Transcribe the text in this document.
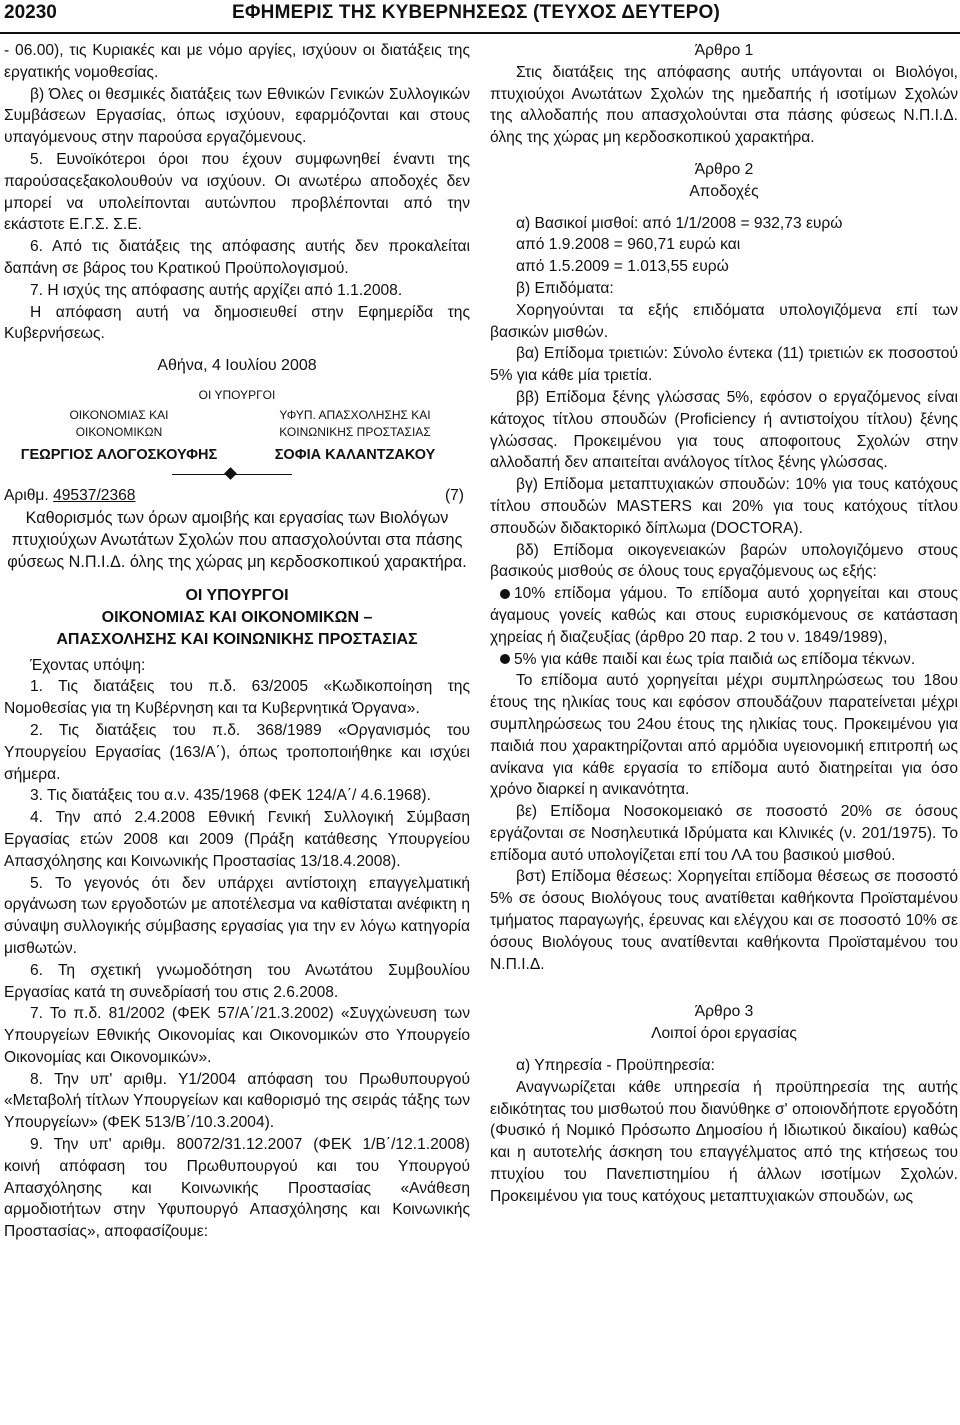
20230	ΕΦΗΜΕΡΙΣ ΤΗΣ ΚΥΒΕΡΝΗΣΕΩΣ (ΤΕΥΧΟΣ ΔΕΥΤΕΡΟ)

- 06.00), τις Κυριακές και με νόμο αργίες, ισχύουν οι διατάξεις της εργατικής νομοθεσίας.

β) Όλες οι θεσμικές διατάξεις των Εθνικών Γενικών Συλλογικών Συμβάσεων Εργασίας, όπως ισχύουν, εφαρμόζονται και στους υπαγόμενους στην παρούσα εργαζόμενους.

5. Ευνοϊκότεροι όροι που έχουν συμφωνηθεί έναντι της παρούσαςεξακολουθούν να ισχύουν. Οι ανωτέρω αποδοχές δεν μπορεί να υπολείπονται αυτώνπου προβλέπονται από την εκάστοτε Ε.Γ.Σ. Σ.Ε.

6. Από τις διατάξεις της απόφασης αυτής δεν προκαλείται δαπάνη σε βάρος του Κρατικού Προϋπολογισμού.

7. Η ισχύς της απόφασης αυτής αρχίζει από 1.1.2008.

Η απόφαση αυτή να δημοσιευθεί στην Εφημερίδα της Κυβερνήσεως.

Αθήνα, 4 Ιουλίου 2008
ΟΙ ΥΠΟΥΡΓΟΙ
ΟΙΚΟΝΟΜΙΑΣ ΚΑΙ
ΟΙΚΟΝΟΜΙΚΩΝ
ΓΕΩΡΓΙΟΣ ΑΛΟΓΟΣΚΟΥΦΗΣ
ΥΦΥΠ. ΑΠΑΣΧΟΛΗΣΗΣ ΚΑΙ
ΚΟΙΝΩΝΙΚΗΣ ΠΡΟΣΤΑΣΙΑΣ
ΣΟΦΙΑ ΚΑΛΑΝΤΖΑΚΟΥ
Αριθμ. 49537/2368	(7)

Καθορισμός των όρων αμοιβής και εργασίας των Βιολόγων πτυχιούχων Ανωτάτων Σχολών που απασχολούνται στα πάσης φύσεως Ν.Π.Ι.Δ. όλης της χώρας μη κερδοσκοπικού χαρακτήρα.

ΟΙ ΥΠΟΥΡΓΟΙ

ΟΙΚΟΝΟΜΙΑΣ ΚΑΙ ΟΙΚΟΝΟΜΙΚΩΝ –

ΑΠΑΣΧΟΛΗΣΗΣ ΚΑΙ ΚΟΙΝΩΝΙΚΗΣ ΠΡΟΣΤΑΣΙΑΣ

Έχοντας υπόψη:

1. Τις διατάξεις του π.δ. 63/2005 «Κωδικοποίηση της Νομοθεσίας για τη Κυβέρνηση και τα Κυβερνητικά Όργανα».

2. Τις διατάξεις του π.δ. 368/1989 «Οργανισμός του Υπουργείου Εργασίας (163/Α΄), όπως τροποποιήθηκε και ισχύει σήμερα.

3. Τις διατάξεις του α.ν. 435/1968 (ΦΕΚ 124/Α΄/ 4.6.1968).

4. Την από 2.4.2008 Εθνική Γενική Συλλογική Σύμβαση Εργασίας ετών 2008 και 2009 (Πράξη κατάθεσης Υπουργείου Απασχόλησης και Κοινωνικής Προστασίας 13/18.4.2008).

5. Το γεγονός ότι δεν υπάρχει αντίστοιχη επαγγελματική οργάνωση των εργοδοτών με αποτέλεσμα να καθίσταται ανέφικτη η σύναψη συλλογικής σύμβασης εργασίας για την εν λόγω κατηγορία μισθωτών.

6. Τη σχετική γνωμοδότηση του Ανωτάτου Συμβουλίου Εργασίας κατά τη συνεδρίασή του στις 2.6.2008.

7. Το π.δ. 81/2002 (ΦΕΚ 57/Α΄/21.3.2002) «Συγχώνευση των Υπουργείων Εθνικής Οικονομίας και Οικονομικών στο Υπουργείο Οικονομίας και Οικονομικών».

8. Την υπ' αριθμ. Υ1/2004 απόφαση του Πρωθυπουργού «Μεταβολή τίτλων Υπουργείων και καθορισμό της σειράς τάξης των Υπουργείων» (ΦΕΚ 513/Β΄/10.3.2004).

9. Την υπ' αριθμ. 80072/31.12.2007 (ΦΕΚ 1/Β΄/12.1.2008) κοινή απόφαση του Πρωθυπουργού και του Υπουργού Απασχόλησης και Κοινωνικής Προστασίας «Ανάθεση αρμοδιοτήτων στην Υφυπουργό Απασχόλησης και Κοινωνικής Προστασίας», αποφασίζουμε:

Άρθρο 1

Στις διατάξεις της απόφασης αυτής υπάγονται οι Βιολόγοι, πτυχιούχοι Ανωτάτων Σχολών της ημεδαπής ή ισοτίμων Σχολών της αλλοδαπής που απασχολούνται στα πάσης φύσεως Ν.Π.Ι.Δ. όλης της χώρας μη κερδοσκοπικού χαρακτήρα.

Άρθρο 2

Αποδοχές

α) Βασικοί μισθοί: από 1/1/2008 = 932,73 ευρώ

από 1.9.2008 = 960,71 ευρώ και

από 1.5.2009 = 1.013,55 ευρώ

β) Επιδόματα:

Χορηγούνται τα εξής επιδόματα υπολογιζόμενα επί των βασικών μισθών.

βα) Επίδομα τριετιών: Σύνολο έντεκα (11) τριετιών εκ ποσοστού 5% για κάθε μία τριετία.

ββ) Επίδομα ξένης γλώσσας 5%, εφόσον ο εργαζόμενος είναι κάτοχος τίτλου σπουδών (Proficiency ή αντιστοίχου τίτλου) ξένης γλώσσας. Προκειμένου για τους αποφοιτους Σχολών στην αλλοδαπή δεν απαιτείται ανάλογος τίτλος ξένης γλώσσας.

βγ) Επίδομα μεταπτυχιακών σπουδών: 10% για τους κατόχους τίτλου σπουδών MASTERS και 20% για τους κατόχους τίτλου σπουδών διδακτορικό δίπλωμα (DOCTORA).

βδ) Επίδομα οικογενειακών βαρών υπολογιζόμενο στους βασικούς μισθούς σε όλους τους εργαζόμενους ως εξής:

10% επίδομα γάμου. Το επίδομα αυτό χορηγείται και στους άγαμους γονείς καθώς και στους ευρισκόμενους σε κατάσταση χηρείας ή διαζευξίας (άρθρο 20 παρ. 2 του ν. 1849/1989),

5% για κάθε παιδί και έως τρία παιδιά ως επίδομα τέκνων.

Το επίδομα αυτό χορηγείται μέχρι συμπληρώσεως του 18ου έτους της ηλικίας τους και εφόσον σπουδάζουν παρατείνεται μέχρι συμπληρώσεως του 24ου έτους της ηλικίας τους. Προκειμένου για παιδιά που χαρακτηρίζονται από αρμόδια υγειονομική επιτροπή ως ανίκανα για κάθε εργασία το επίδομα αυτό διατηρείται για όσο χρόνο διαρκεί η ανικανότητα.

βε) Επίδομα Νοσοκομειακό σε ποσοστό 20% σε όσους εργάζονται σε Νοσηλευτικά Ιδρύματα και Κλινικές (ν. 201/1975). Το επίδομα αυτό υπολογίζεται επί του ΛΑ του βασικού μισθού.

βστ) Επίδομα θέσεως: Χορηγείται επίδομα θέσεως σε ποσοστό 5% σε όσους Βιολόγους τους ανατίθεται καθήκοντα Προϊσταμένου τμήματος παραγωγής, έρευνας και ελέγχου και σε ποσοστό 10% σε όσους Βιολόγους τους ανατίθενται καθήκοντα Προϊσταμένου του Ν.Π.Ι.Δ.

Άρθρο 3

Λοιποί όροι εργασίας

α) Υπηρεσία - Προϋπηρεσία:

Αναγνωρίζεται κάθε υπηρεσία ή προϋπηρεσία της αυτής ειδικότητας του μισθωτού που διανύθηκε σ' οποιονδήποτε εργοδότη (Φυσικό ή Νομικό Πρόσωπο Δημοσίου ή Ιδιωτικού δικαίου) καθώς και η αυτοτελής άσκηση του επαγγέλματος από της κτήσεως του πτυχίου του Πανεπιστημίου ή άλλων ισοτίμων Σχολών. Προκειμένου για τους κατόχους μεταπτυχιακών σπουδών, ως
